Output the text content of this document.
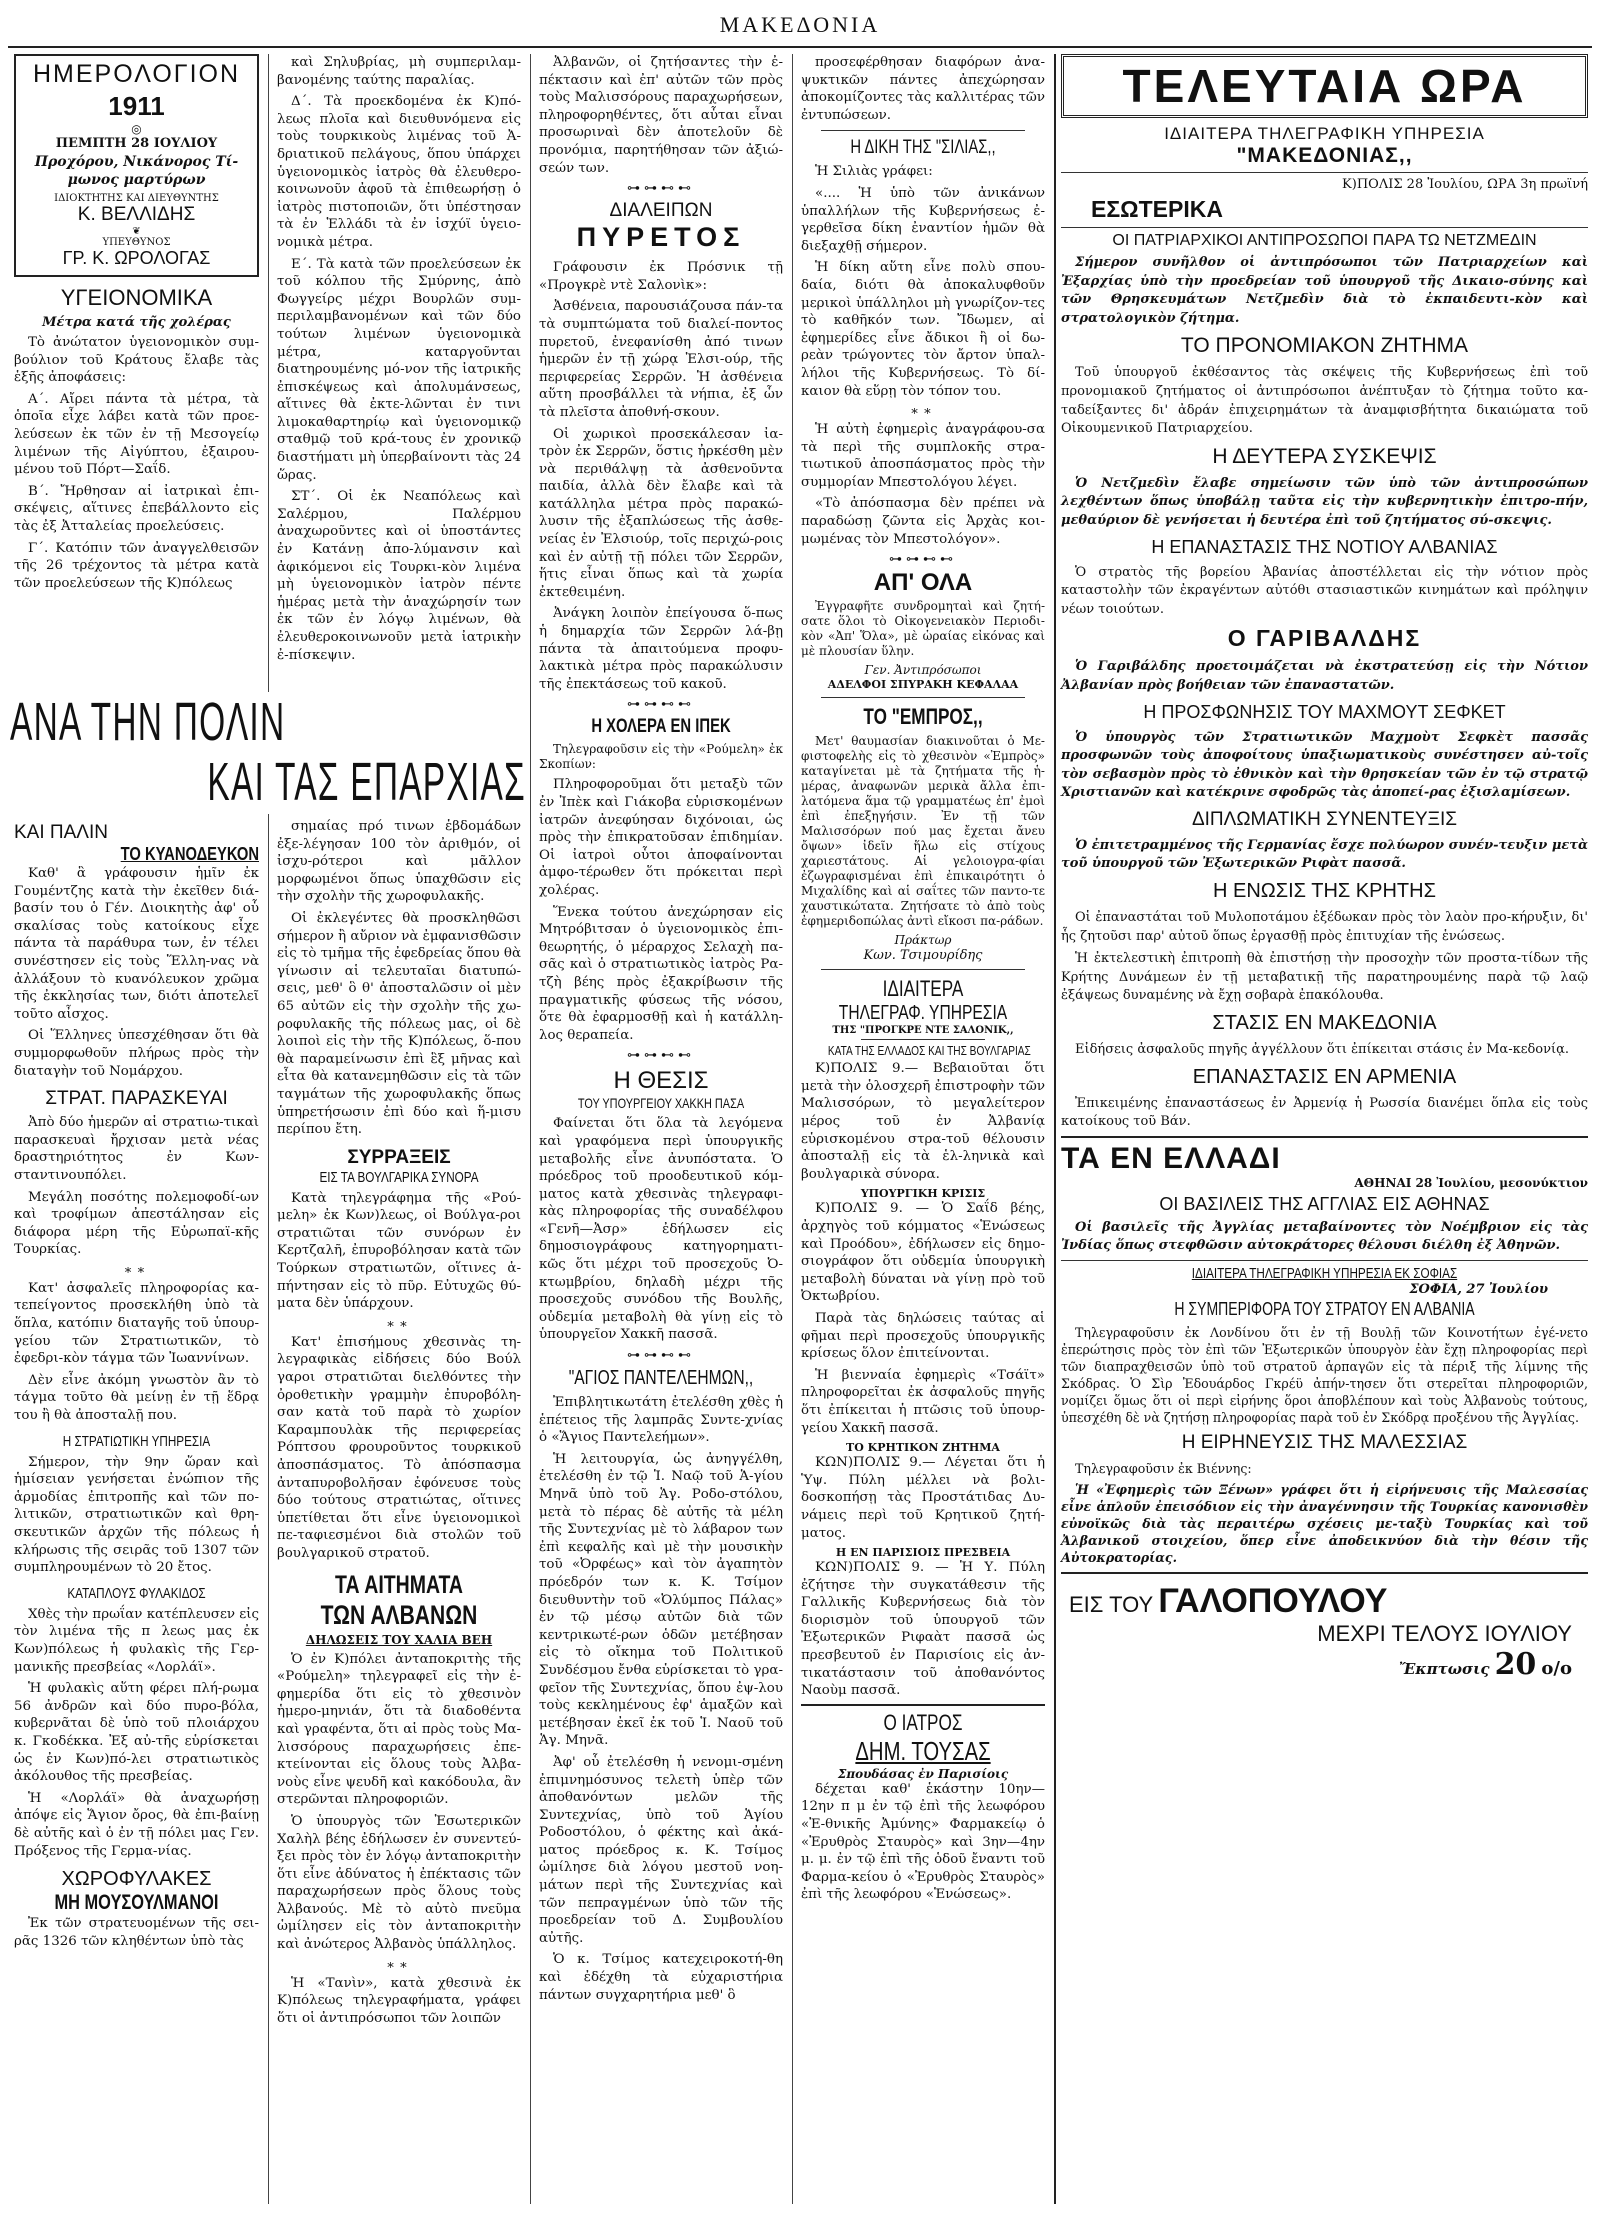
ΜΑΚΕΔΟΝΙΑ
ΗΜΕΡΟΛΟΓΙΟΝ
1911
◎
ΠΕΜΠΤΗ 28 ΙΟΥΛΙΟΥ
Προχόρου, Νικάνορος Τί-μωνος μαρτύρων
ΙΔΙΟΚΤΗΤΗΣ ΚΑΙ ΔΙΕΥΘΥΝΤΗΣ
Κ. ΒΕΛΛΙΔΗΣ
❦
ΥΠΕΥΘΥΝΟΣ
ΓΡ. Κ. ΩΡΟΛΟΓΑΣ
ΥΓΕΙΟΝΟΜΙΚΑ
Μέτρα κατά τῆς χολέρας

Τὸ ἀνώτατον ὑγειονομικὸν συμ-βούλιον τοῦ Κράτους ἔλαβε τὰς ἑξῆς ἀποφάσεις:

Α΄. Αἴρει πάντα τὰ μέτρα, τὰ ὁποῖα εἶχε λάβει κατὰ τῶν προε-λεύσεων ἐκ τῶν ἐν τῇ Μεσογείῳ λιμένων τῆς Αἰγύπτου, ἐξαιρου-μένου τοῦ Πόρτ—Σαΐδ.

Β΄. Ἤρθησαν αἱ ἰατρικαὶ ἐπι-σκέψεις, αἵτινες ἐπεβάλλοντο εἰς τὰς ἐξ Ἀτταλείας προελεύσεις.

Γ΄. Κατόπιν τῶν ἀναγγελθεισῶν τῆς 26 τρέχοντος τὰ μέτρα κατὰ τῶν προελεύσεων τῆς Κ)πόλεως

ΑΝΑ ΤΗΝ ΠΟΛΙΝ
ΚΑΙ ΤΑΣ ΕΠΑΡΧΙΑΣ
ΚΑΙ ΠΑΛΙΝ
ΤΟ ΚΥΑΝΟΔΕΥΚΟΝ

Καθ' ἃ γράφουσιν ἡμῖν ἐκ Γουμέντζης κατὰ τὴν ἐκεῖθεν διά-βασίν του ὁ Γέν. Διοικητὴς ἀφ' οὗ σκαλίσας τοὺς κατοίκους εἶχε πάντα τὰ παράθυρα των, ἐν τέλει συνέστησεν εἰς τοὺς Ἕλλη-νας νὰ ἀλλάξουν τὸ κυανόλευκον χρῶμα τῆς ἐκκλησίας των, διότι ἀποτελεῖ τοῦτο αἶσχος.

Οἱ Ἕλληνες ὑπεσχέθησαν ὅτι θὰ συμμορφωθοῦν πλήρως πρὸς τὴν διαταγὴν τοῦ Νομάρχου.

ΣΤΡΑΤ. ΠΑΡΑΣΚΕΥΑΙ

Ἀπὸ δύο ἡμερῶν αἱ στρατιω-τικαὶ παρασκευαὶ ἤρχισαν μετὰ νέας δραστηριότητος ἐν Κων-σταντινουπόλει.

Μεγάλη ποσότης πολεμοφοδί-ων καὶ τροφίμων ἀπεστάλησαν εἰς διάφορα μέρη τῆς Εὐρωπαϊ-κῆς Τουρκίας.

∗∗

Κατ' ἀσφαλεῖς πληροφορίας κα-τεπείγοντος προσεκλήθη ὑπὸ τὰ ὅπλα, κατόπιν διαταγῆς τοῦ ὑπουρ-γείου τῶν Στρατιωτικῶν, τὸ ἐφεδρι-κὸν τάγμα τῶν Ἰωαννίνων.

Δὲν εἶνε ἀκόμη γνωστὸν ἂν τὸ τάγμα τοῦτο θὰ μείνῃ ἐν τῇ ἕδρᾳ του ἢ θὰ ἀποσταλῇ που.

Η ΣΤΡΑΤΙΩΤΙΚΗ ΥΠΗΡΕΣΙΑ

Σήμερον, τὴν 9ην ὥραν καὶ ἡμίσειαν γενήσεται ἐνώπιον τῆς ἁρμοδίας ἐπιτροπῆς καὶ τῶν πο-λιτικῶν, στρατιωτικῶν καὶ θρη-σκευτικῶν ἀρχῶν τῆς πόλεως ἡ κλήρωσις τῆς σειρᾶς τοῦ 1307 τῶν συμπληρουμένων τὸ 20 ἔτος.

ΚΑΤΑΠΛΟΥΣ ΦΥΛΑΚΙΔΟΣ

Χθὲς τὴν πρωΐαν κατέπλευσεν εἰς τὸν λιμένα τῆς π λεως μας ἐκ Κων)πόλεως ἡ φυλακὶς τῆς Γερ-μανικῆς πρεσβείας «Λορλάϊ».

Ἡ φυλακὶς αὕτη φέρει πλή-ρωμα 56 ἀνδρῶν καὶ δύο πυρο-βόλα, κυβερνᾶται δὲ ὑπὸ τοῦ πλοιάρχου κ. Γκοδέκκα. Ἐξ αὐ-τῆς εὑρίσκεται ὡς ἐν Κων)πό-λει στρατιωτικὸς ἀκόλουθος τῆς πρεσβείας.

Ἡ «Λορλάϊ» θὰ ἀναχωρήσῃ ἀπόψε εἰς Ἅγιον ὄρος, θὰ ἐπι-βαίνῃ δὲ αὐτῆς καὶ ὁ ἐν τῇ πόλει μας Γεν. Πρόξενος τῆς Γερμα-νίας.

ΧΩΡΟΦΥΛΑΚΕΣ
ΜΗ ΜΟΥΣΟΥΛΜΑΝΟΙ

Ἐκ τῶν στρατευομένων τῆς σει-ρᾶς 1326 τῶν κληθέντων ὑπὸ τὰς

καὶ Σηλυβρίας, μὴ συμπεριλαμ-βανομένης ταύτης παραλίας.

Δ΄. Τὰ προεκδομένα ἐκ Κ)πό-λεως πλοῖα καὶ διευθυνόμενα εἰς τοὺς τουρκικοὺς λιμένας τοῦ Ἀ-δριατικοῦ πελάγους, ὅπου ὑπάρχει ὑγειονομικὸς ἰατρὸς θὰ ἐλευθερο-κοινωνοῦν ἀφοῦ τὰ ἐπιθεωρήσῃ ὁ ἰατρὸς πιστοποιῶν, ὅτι ὑπέστησαν τὰ ἐν Ἑλλάδι τὰ ἐν ἰσχύϊ ὑγειο-νομικὰ μέτρα.

Ε΄. Τὰ κατὰ τῶν προελεύσεων ἐκ τοῦ κόλπου τῆς Σμύρνης, ἀπὸ Φωγγείρς μέχρι Βουρλῶν συμ-περιλαμβανομένων καὶ τῶν δύο τούτων λιμένων ὑγειονομικὰ μέτρα, καταργοῦνται διατηρουμένης μό-νον τῆς ἰατρικῆς ἐπισκέψεως καὶ ἀπολυμάνσεως, αἵτινες θὰ ἐκτε-λῶνται ἐν τινι λιμοκαθαρτηρίῳ καὶ ὑγειονομικῷ σταθμῷ τοῦ κρά-τους ἐν χρονικῷ διαστήματι μὴ ὑπερβαίνοντι τὰς 24 ὥρας.

ΣΤ΄. Οἱ ἐκ Νεαπόλεως καὶ Σαλέρμου, Παλέρμου ἀναχωροῦντες καὶ οἱ ὑποστάντες ἐν Κατάνῃ ἀπο-λύμανσιν καὶ ἀφικόμενοι εἰς Τουρκι-κὸν λιμένα μὴ ὑγειονομικὸν ἰατρὸν πέντε ἡμέρας μετὰ τὴν ἀναχώρησίν των ἐκ τῶν ἐν λόγῳ λιμένων, θὰ ἐλευθεροκοινωνοῦν μετὰ ἰατρικὴν ἐ-πίσκεψιν.

σημαίας πρό τινων ἑβδομάδων ἐξε-λέγησαν 100 τὸν ἀριθμόν, οἱ ἰσχυ-ρότεροι καὶ μᾶλλον μορφωμένοι ὅπως ὑπαχθῶσιν εἰς τὴν σχολὴν τῆς χωροφυλακῆς.

Οἱ ἐκλεγέντες θὰ προσκληθῶσι σήμερον ἢ αὔριον νὰ ἐμφανισθῶσιν εἰς τὸ τμῆμα τῆς ἐφεδρείας ὅπου θὰ γίνωσιν αἱ τελευταῖαι διατυπώ-σεις, μεθ' ὃ θ' ἀποσταλῶσιν οἱ μὲν 65 αὐτῶν εἰς τὴν σχολὴν τῆς χω-ροφυλακῆς τῆς πόλεως μας, οἱ δὲ λοιποὶ εἰς τὴν τῆς Κ)πόλεως, ὅ-που θὰ παραμείνωσιν ἐπὶ ἓξ μῆνας καὶ εἶτα θὰ κατανεμηθῶσιν εἰς τὰ τῶν ταγμάτων τῆς χωροφυλακῆς ὅπως ὑπηρετήσωσιν ἐπὶ δύο καὶ ἥ-μισυ περίπου ἔτη.

ΣΥΡΡΑΞΕΙΣ
ΕΙΣ ΤΑ ΒΟΥΛΓΑΡΙΚΑ ΣΥΝΟΡΑ

Κατὰ τηλεγράφημα τῆς «Ρού-μελη» ἐκ Κων)λεως, οἱ Βούλγα-ροι στρατιῶται τῶν συνόρων ἐν Κερτζαλῆ, ἐπυροβόλησαν κατὰ τῶν Τούρκων στρατιωτῶν, οἵτινες ἀ-πήντησαν εἰς τὸ πῦρ. Εὐτυχῶς θύ-ματα δὲν ὑπάρχουν.

∗∗

Κατ' ἐπισήμους χθεσινὰς τη-λεγραφικὰς εἰδήσεις δύο Βούλ γαροι στρατιῶται διελθόντες τὴν ὀροθετικὴν γραμμὴν ἐπυροβόλη-σαν κατὰ τοῦ παρὰ τὸ χωρίον Καραμπουλὰκ τῆς περιφερείας Ρόπτσου φρουροῦντος τουρκικοῦ ἀποσπάσματος. Τὸ ἀπόσπασμα ἀνταπυροβολῆσαν ἐφόνευσε τοὺς δύο τούτους στρατιώτας, οἵτινες ὑπετίθεται ὅτι εἶνε ὑγειονομικοὶ πε-ταφιεσμένοι διὰ στολῶν τοῦ βουλγαρικοῦ στρατοῦ.

ΤΑ ΑΙΤΗΜΑΤΑ
ΤΩΝ ΑΛΒΑΝΩΝ
ΔΗΛΩΣΕΙΣ ΤΟΥ ΧΑΛΙΑ ΒΕΗ

Ὁ ἐν Κ)πόλει ἀνταποκριτὴς τῆς «Ρούμελη» τηλεγραφεῖ εἰς τὴν ἐ-φημερίδα ὅτι εἰς τὸ χθεσινὸν ἡμερο-μηνιάν, ὅτι τὰ διαδοθέντα καὶ γραφέντα, ὅτι αἱ πρὸς τοὺς Μα-λισσόρους παραχωρήσεις ἐπε-κτείνονται εἰς ὅλους τοὺς Ἀλβα-νοὺς εἶνε ψευδῆ καὶ κακόδουλα, ἂν στερῶνται πληροφοριῶν.

Ὁ ὑπουργὸς τῶν Ἐσωτερικῶν Χαλὴλ βέης ἐδήλωσεν ἐν συνεντεύ-ξει πρὸς τὸν ἐν λόγῳ ἀνταποκριτὴν ὅτι εἶνε ἀδύνατος ἡ ἐπέκτασις τῶν παραχωρήσεων πρὸς ὅλους τοὺς Ἀλβανούς. Μὲ τὸ αὐτὸ πνεῦμα ὡμίλησεν εἰς τὸν ἀνταποκριτὴν καὶ ἀνώτερος Ἀλβανὸς ὑπάλληλος.

∗∗

Ἡ «Τανὶν», κατὰ χθεσινὰ ἐκ Κ)πόλεως τηλεγραφήματα, γράφει ὅτι οἱ ἀντιπρόσωποι τῶν λοιπῶν

Ἀλβανῶν, οἱ ζητήσαντες τὴν ἐ-πέκτασιν καὶ ἐπ' αὐτῶν τῶν πρὸς τοὺς Μαλισσόρους παραχωρήσεων, πληροφορηθέντες, ὅτι αὗται εἶναι προσωριναὶ δὲν ἀποτελοῦν δὲ προνόμια, παρητήθησαν τῶν ἀξιώ-σεών των.

⊶⊶⊷⊷
ΔΙΑΛΕΙΠΩΝ
ΠΥΡΕΤΟΣ

Γράφουσιν ἐκ Πρόσνικ τῇ «Προγκρὲ ντὲ Σαλονὶκ»:

Ἀσθένεια, παρουσιάζουσα πάν-τα τὰ συμπτώματα τοῦ διαλεί-ποντος πυρετοῦ, ἐνεφανίσθη ἀπό τινων ἡμερῶν ἐν τῇ χώρᾳ Ἐλσι-ούρ, τῆς περιφερείας Σερρῶν. Ἡ ἀσθένεια αὕτη προσβάλλει τὰ νήπια, ἐξ ὧν τὰ πλεῖστα ἀποθνή-σκουν.

Οἱ χωρικοὶ προσεκάλεσαν ἰα-τρὸν ἐκ Σερρῶν, ὅστις ἠρκέσθη μὲν νὰ περιθάλψῃ τὰ ἀσθενοῦντα παιδία, ἀλλὰ δὲν ἔλαβε καὶ τὰ κατάλληλα μέτρα πρὸς παρακώ-λυσιν τῆς ἐξαπλώσεως τῆς ἀσθε-νείας ἐν Ἐλσιούρ, τοῖς περιχώ-ροις καὶ ἐν αὐτῇ τῇ πόλει τῶν Σερρῶν, ἥτις εἶναι ὅπως καὶ τὰ χωρία ἐκτεθειμένη.

Ἀνάγκη λοιπὸν ἐπείγουσα ὅ-πως ἡ δημαρχία τῶν Σερρῶν λά-βῃ πάντα τὰ ἀπαιτούμενα προφυ-λακτικὰ μέτρα πρὸς παρακώλυσιν τῆς ἐπεκτάσεως τοῦ κακοῦ.

⊶⊶⊷⊷
Η ΧΟΛΕΡΑ ΕΝ ΙΠΕΚ

Τηλεγραφοῦσιν εἰς τὴν «Ρούμελη» ἐκ Σκοπίων:

Πληροφοροῦμαι ὅτι μεταξὺ τῶν ἐν Ἰπὲκ καὶ Γιάκοβα εὑρισκομένων ἰατρῶν ἀνεφύησαν διχόνοιαι, ὡς πρὸς τὴν ἐπικρατοῦσαν ἐπιδημίαν. Οἱ ἰατροὶ οὗτοι ἀποφαίνονται ἀμφο-τέρωθεν ὅτι πρόκειται περὶ χολέρας.

Ἕνεκα τούτου ἀνεχώρησαν εἰς Μητρόβιτσαν ὁ ὑγειονομικὸς ἐπι-θεωρητής, ὁ μέραρχος Σελαχὴ πα-σᾶς καὶ ὁ στρατιωτικὸς ἰατρὸς Ρα-τζὴ βέης πρὸς ἐξακρίβωσιν τῆς πραγματικῆς φύσεως τῆς νόσου, ὅτε θὰ ἐφαρμοσθῇ καὶ ἡ κατάλλη-λος θεραπεία.

⊶⊶⊷⊷
Η ΘΕΣΙΣ
ΤΟΥ ΥΠΟΥΡΓΕΙΟΥ ΧΑΚΚΗ ΠΑΣΑ

Φαίνεται ὅτι ὅλα τὰ λεγόμενα καὶ γραφόμενα περὶ ὑπουργικῆς μεταβολῆς εἶνε ἀνυπόστατα. Ὁ πρόεδρος τοῦ προοδευτικοῦ κόμ-ματος κατὰ χθεσινὰς τηλεγραφι-κὰς πληροφορίας τῆς συναδέλφου «Γενῆ—Ἀσρ» ἐδήλωσεν εἰς δημοσιογράφους κατηγορηματι-κῶς ὅτι μέχρι τοῦ προσεχοῦς Ὀ-κτωμβρίου, δηλαδὴ μέχρι τῆς προσεχοῦς συνόδου τῆς Βουλῆς, οὐδεμία μεταβολὴ θὰ γίνῃ εἰς τὸ ὑπουργεῖον Χακκῆ πασσᾶ.

⊶⊶⊷⊷
"ΑΓΙΟΣ ΠΑΝΤΕΛΕΗΜΩΝ,,

Ἐπιβλητικωτάτη ἐτελέσθη χθὲς ἡ ἑπέτειος τῆς λαμπρᾶς Συντε-χνίας ὁ «Ἅγιος Παντελεήμων».

Ἡ λειτουργία, ὡς ἀνηγγέλθη, ἐτελέσθη ἐν τῷ Ἱ. Ναῷ τοῦ Ἁ-γίου Μηνᾶ ὑπὸ τοῦ Ἁγ. Ροδο-στόλου, μετὰ τὸ πέρας δὲ αὐτῆς τὰ μέλη τῆς Συντεχνίας μὲ τὸ λάβαρον των ἐπὶ κεφαλῆς καὶ μὲ τὴν μουσικὴν τοῦ «Ὀρφέως» καὶ τὸν ἀγαπητὸν πρόεδρόν των κ. Κ. Τσίμον διευθυντὴν τοῦ «Ὀλύμπος Πάλας» ἐν τῷ μέσῳ αὐτῶν διὰ τῶν κεντρικωτέ-ρων ὁδῶν μετέβησαν εἰς τὸ οἴκημα τοῦ Πολιτικοῦ Συνδέσμου ἔνθα εὑρίσκεται τὸ γρα-φεῖον τῆς Συντεχνίας, ὅπου ἐψ-λου τοὺς κεκλημένους ἐφ' ἁμαξῶν καὶ μετέβησαν ἐκεῖ ἐκ τοῦ Ἱ. Ναοῦ τοῦ Ἁγ. Μηνᾶ.

Ἀφ' οὗ ἐτελέσθη ἡ νενομι-σμένη ἐπιμνημόσυνος τελετὴ ὑπὲρ τῶν ἀποθανόντων μελῶν τῆς Συντεχνίας, ὑπὸ τοῦ Ἁγίου Ροδοστόλου, ὁ φέκτης καὶ ἀκά-ματος πρόεδρος κ. Κ. Τσίμος ὡμίλησε διὰ λόγου μεστοῦ νοη-μάτων περὶ τῆς Συντεχνίας καὶ τῶν πεπραγμένων ὑπὸ τῶν τῆς προεδρείαν τοῦ Δ. Συμβουλίου αὐτῆς.

Ὁ κ. Τσίμος κατεχειροκοτή-θη καὶ ἐδέχθη τὰ εὐχαριστήρια πάντων συγχαρητήρια μεθ' ὃ

προσεφέρθησαν διαφόρων ἀνα-ψυκτικῶν πάντες ἀπεχώρησαν ἀποκομίζοντες τὰς καλλιτέρας τῶν ἐντυπώσεων.

Η ΔΙΚΗ ΤΗΣ "ΣΙΛΙΑΣ,,

Ἡ Σιλιὰς γράφει:

«.... Ἡ ὑπὸ τῶν ἀνικάνων ὑπαλλήλων τῆς Κυβερνήσεως ἐ-γερθεῖσα δίκη ἐναντίον ἡμῶν θὰ διεξαχθῇ σήμερον.

Ἡ δίκη αὕτη εἶνε πολὺ σπου-δαία, διότι θὰ ἀποκαλυφθοῦν μερικοὶ ὑπάλληλοι μὴ γνωρίζον-τες τὸ καθῆκόν των. Ἴδωμεν, αἱ ἐφημερίδες εἶνε ἄδικοι ἢ οἱ δω-ρεὰν τρώγοντες τὸν ἄρτον ὑπαλ-λήλοι τῆς Κυβερνήσεως. Τὸ δί-καιον θὰ εὕρῃ τὸν τόπον του.

∗∗

Ἡ αὐτὴ ἐφημερὶς ἀναγράφου-σα τὰ περὶ τῆς συμπλοκῆς στρα-τιωτικοῦ ἀποσπάσματος πρὸς τὴν συμμορίαν Μπεστολόγου λέγει.

«Τὸ ἀπόσπασμα δὲν πρέπει νὰ παραδώσῃ ζῶντα εἰς Ἀρχὰς κοι-μωμένας τὸν Μπεστολόγον».

⊶⊶⊷⊷
ΑΠ' ΟΛΑ

Ἐγγραφῆτε συνδρομηταὶ καὶ ζητή-σατε ὅλοι τὸ Οἰκογενειακὸν Περιοδι-κὸν «Ἀπ' Ὅλα», μὲ ὡραίας εἰκόνας καὶ μὲ πλουσίαν ὕλην.

Γεν. Ἀντιπρόσωποι
ΑΔΕΛΦΟΙ ΣΠΥΡΑΚΗ ΚΕΦΑΛΑΑ
ΤΟ "ΕΜΠΡΟΣ,,

Μετ' θαυμασίαν διακινοῦται ὁ Με-φιστοφελὴς εἰς τὸ χθεσινὸν «Ἐμπρὸς» καταγίνεται μὲ τὰ ζητήματα τῆς ἡ-μέρας, ἀναφωνῶν μερικὰ ἄλλα ἐπι-λατόμενα ἅμα τῷ γραμματέως ἐπ' ἐμοὶ ἐπὶ ἐπεξηγήσιν. Ἐν τῇ τῶν Μαλισσόρων πού μας ἔχεται ἄνευ ὄψων» ἰδεῖν ἥλω εἰς στίχους χαριεστάτους. Αἱ γελοιογρα-φίαι ἐζωγραφισμέναι ἐπὶ ἐπικαιρότητι ὁ Μιχαλίδης καὶ αἱ σαΐτες τῶν παντο-τε χαυστικώτατα. Ζητήσατε τὸ ἀπὸ τοὺς ἐφημεριδοπώλας ἀντὶ εἴκοσι πα-ράδων.

Πράκτωρ
Κων. Τσιμουρίδης
ΙΔΙΑΙΤΕΡΑ
ΤΗΛΕΓΡΑΦ. ΥΠΗΡΕΣΙΑ
ΤΗΣ "ΠΡΟΓΚΡΕ ΝΤΕ ΣΑΛΟΝΙΚ,,
ΚΑΤΑ ΤΗΣ ΕΛΛΑΔΟΣ ΚΑΙ ΤΗΣ ΒΟΥΛΓΑΡΙΑΣ

Κ)ΠΟΛΙΣ 9.— Βεβαιοῦται ὅτι μετὰ τὴν ὁλοσχερῆ ἐπιστροφὴν τῶν Μαλισσόρων, τὸ μεγαλείτερον μέρος τοῦ ἐν Ἀλβανίᾳ εὑρισκομένου στρα-τοῦ θέλουσιν ἀποσταλῇ εἰς τὰ ἑλ-ληνικὰ καὶ βουλγαρικὰ σύνορα.

ΥΠΟΥΡΓΙΚΗ ΚΡΙΣΙΣ

Κ)ΠΟΛΙΣ 9. — Ὁ Σαΐδ βέης, ἀρχηγὸς τοῦ κόμματος «Ἑνώσεως καὶ Προόδου», ἐδήλωσεν εἰς δημο-σιογράφον ὅτι οὐδεμία ὑπουργικὴ μεταβολὴ δύναται νὰ γίνῃ πρὸ τοῦ Ὀκτωβρίου.

Παρὰ τὰς δηλώσεις ταύτας αἱ φῆμαι περὶ προσεχοῦς ὑπουργικῆς κρίσεως ὅλον ἐπιτείνονται.

Ἡ βιενναία ἐφημερὶς «Τσάϊτ» πληροφορεῖται ἐκ ἀσφαλοῦς πηγῆς ὅτι ἐπίκειται ἡ πτῶσις τοῦ ὑπουρ-γείου Χακκῆ πασσᾶ.

ΤΟ ΚΡΗΤΙΚΟΝ ΖΗΤΗΜΑ

ΚΩΝ)ΠΟΛΙΣ 9.— Λέγεται ὅτι ἡ Ὑψ. Πύλη μέλλει νὰ βολι-δοσκοπήσῃ τὰς Προστάτιδας Δυ-νάμεις περὶ τοῦ Κρητικοῦ ζητή-ματος.

Η ΕΝ ΠΑΡΙΣΙΟΙΣ ΠΡΕΣΒΕΙΑ

ΚΩΝ)ΠΟΛΙΣ 9. — Ἡ Υ. Πύλη ἐζήτησε τὴν συγκατάθεσιν τῆς Γαλλικῆς Κυβερνήσεως διὰ τὸν διορισμὸν τοῦ ὑπουργοῦ τῶν Ἐξωτερικῶν Ριφαὰτ πασσᾶ ὡς πρεσβευτοῦ ἐν Παρισίοις εἰς ἀν-τικατάστασιν τοῦ ἀποθανόντος Ναοὺμ πασσᾶ.

Ο ΙΑΤΡΟΣ
ΔΗΜ. ΤΟΥΣΑΣ
Σπουδάσας ἐν Παρισίοις

δέχεται καθ' ἑκάστην 10ην—12ην π μ ἐν τῷ ἐπὶ τῆς λεωφόρου «Ἐ-θνικῆς Ἀμύνης» Φαρμακείῳ ὁ «Ἐρυθρὸς Σταυρὸς» καὶ 3ην—4ην μ. μ. ἐν τῷ ἐπὶ τῆς ὁδοῦ ἔναντι τοῦ Φαρμα-κείου ὁ «Ἐρυθρὸς Σταυρὸς» ἐπὶ τῆς λεωφόρου «Ἑνώσεως».

ΤΕΛΕΥΤΑΙΑ ΩΡΑ
ΙΔΙΑΙΤΕΡΑ ΤΗΛΕΓΡΑΦΙΚΗ ΥΠΗΡΕΣΙΑ
"ΜΑΚΕΔΟΝΙΑΣ,,
Κ)ΠΟΛΙΣ 28 Ἰουλίου, ΩΡΑ 3η πρωϊνή
ΕΣΩΤΕΡΙΚΑ
ΟΙ ΠΑΤΡΙΑΡΧΙΚΟΙ ΑΝΤΙΠΡΟΣΩΠΟΙ ΠΑΡΑ ΤΩ ΝΕΤΖΜΕΔΙΝ

Σήμερον συνῆλθον οἱ ἀντιπρόσωποι τῶν Πατριαρχείων καὶ Ἐξαρχίας ὑπὸ τὴν προεδρείαν τοῦ ὑπουργοῦ τῆς Δικαιο-σύνης καὶ τῶν Θρησκευμάτων Νετζμεδὶν διὰ τὸ ἐκπαιδευτι-κὸν καὶ στρατολογικὸν ζήτημα.

ΤΟ ΠΡΟΝΟΜΙΑΚΟΝ ΖΗΤΗΜΑ

Τοῦ ὑπουργοῦ ἐκθέσαντος τὰς σκέψεις τῆς Κυβερνήσεως ἐπὶ τοῦ προνομιακοῦ ζητήματος οἱ ἀντιπρόσωποι ἀνέπτυξαν τὸ ζήτημα τοῦτο κα-ταδείξαντες δι' ἀδράν ἐπιχειρημάτων τὰ ἀναμφισβήτητα δικαιώματα τοῦ Οἰκουμενικοῦ Πατριαρχείου.

Η ΔΕΥΤΕΡΑ ΣΥΣΚΕΨΙΣ

Ὁ Νετζμεδὶν ἔλαβε σημείωσιν τῶν ὑπὸ τῶν ἀντιπροσώπων λεχθέντων ὅπως ὑποβάλῃ ταῦτα εἰς τὴν κυβερνητικὴν ἐπιτρο-πήν, μεθαύριον δὲ γενήσεται ἡ δευτέρα ἐπὶ τοῦ ζητήματος σύ-σκεψις.

Η ΕΠΑΝΑΣΤΑΣΙΣ ΤΗΣ ΝΟΤΙΟΥ ΑΛΒΑΝΙΑΣ

Ὁ στρατὸς τῆς βορείου Ἀβανίας ἀποστέλλεται εἰς τὴν νότιον πρὸς καταστολὴν τῶν ἐκραγέντων αὐτόθι στασιαστικῶν κινημάτων καὶ πρόληψιν νέων τοιούτων.

Ο ΓΑΡΙΒΑΛΔΗΣ

Ὁ Γαριβάλδης προετοιμάζεται νὰ ἐκστρατεύσῃ εἰς τὴν Νότιον Ἀλβανίαν πρὸς βοήθειαν τῶν ἐπαναστατῶν.

Η ΠΡΟΣΦΩΝΗΣΙΣ ΤΟΥ ΜΑΧΜΟΥΤ ΣΕΦΚΕΤ

Ὁ ὑπουργὸς τῶν Στρατιωτικῶν Μαχμοὺτ Σεφκὲτ πασσᾶς προσφωνῶν τοὺς ἀποφοίτους ὑπαξιωματικοὺς συνέστησεν αὐ-τοῖς τὸν σεβασμὸν πρὸς τὸ ἐθνικὸν καὶ τὴν θρησκείαν τῶν ἐν τῷ στρατῷ Χριστιανῶν καὶ κατέκρινε σφοδρῶς τὰς ἀποπεί-ρας ἐξισλαμίσεων.

ΔΙΠΛΩΜΑΤΙΚΗ ΣΥΝΕΝΤΕΥΞΙΣ

Ὁ ἐπιτετραμμένος τῆς Γερμανίας ἔσχε πολύωρον συνέν-τευξιν μετὰ τοῦ ὑπουργοῦ τῶν Ἐξωτερικῶν Ριφὰτ πασσᾶ.

Η ΕΝΩΣΙΣ ΤΗΣ ΚΡΗΤΗΣ

Οἱ ἐπαναστάται τοῦ Μυλοποτάμου ἐξέδωκαν πρὸς τὸν λαὸν προ-κήρυξιν, δι' ἧς ζητοῦσι παρ' αὐτοῦ ὅπως ἐργασθῇ πρὸς ἐπιτυχίαν τῆς ἑνώσεως.

Ἡ ἐκτελεστικὴ ἐπιτροπὴ θὰ ἐπιστήσῃ τὴν προσοχὴν τῶν προστα-τίδων τῆς Κρήτης Δυνάμεων ἐν τῇ μεταβατικῇ τῆς παρατηρουμένης παρὰ τῷ λαῷ ἐξάψεως δυναμένης νὰ ἔχῃ σοβαρὰ ἐπακόλουθα.

ΣΤΑΣΙΣ ΕΝ ΜΑΚΕΔΟΝΙΑ

Εἰδήσεις ἀσφαλοῦς πηγῆς ἀγγέλλουν ὅτι ἐπίκειται στάσις ἐν Μα-κεδονίᾳ.

ΕΠΑΝΑΣΤΑΣΙΣ ΕΝ ΑΡΜΕΝΙΑ

Ἐπικειμένης ἐπαναστάσεως ἐν Ἀρμενίᾳ ἡ Ρωσσία διανέμει ὅπλα εἰς τοὺς κατοίκους τοῦ Βάν.

ΤΑ ΕΝ ΕΛΛΑΔΙ
ΑΘΗΝΑΙ 28 Ἰουλίου, μεσονύκτιον
ΟΙ ΒΑΣΙΛΕΙΣ ΤΗΣ ΑΓΓΛΙΑΣ ΕΙΣ ΑΘΗΝΑΣ

Οἱ βασιλεῖς τῆς Ἀγγλίας μεταβαίνοντες τὸν Νοέμβριον εἰς τὰς Ἰνδίας ὅπως στεφθῶσιν αὐτοκράτορες θέλουσι διέλθη ἐξ Ἀθηνῶν.

ΙΔΙΑΙΤΕΡΑ ΤΗΛΕΓΡΑΦΙΚΗ ΥΠΗΡΕΣΙΑ ΕΚ ΣΟΦΙΑΣ
ΣΟΦΙΑ, 27 Ἰουλίου
Η ΣΥΜΠΕΡΙΦΟΡΑ ΤΟΥ ΣΤΡΑΤΟΥ ΕΝ ΑΛΒΑΝΙΑ

Τηλεγραφοῦσιν ἐκ Λονδίνου ὅτι ἐν τῇ Βουλῇ τῶν Κοινοτήτων ἐγέ-νετο ἐπερώτησις πρὸς τὸν ἐπὶ τῶν Ἐξωτερικῶν ὑπουργὸν ἐὰν ἔχῃ πληροφορίας περὶ τῶν διαπραχθεισῶν ὑπὸ τοῦ στρατοῦ ἁρπαγῶν εἰς τὰ πέριξ τῆς λίμνης τῆς Σκόδρας. Ὁ Σὶρ Ἐδουάρδος Γκρέϋ ἀπήν-τησεν ὅτι στερεῖται πληροφοριῶν, νομίζει ὅμως ὅτι οἱ περὶ εἰρήνης ὅροι ἀποβλέπουν καὶ τοὺς Ἀλβανοὺς τούτους, ὑπεσχέθη δὲ νὰ ζητήσῃ πληροφορίας παρὰ τοῦ ἐν Σκόδρᾳ προξένου τῆς Ἀγγλίας.

Η ΕΙΡΗΝΕΥΣΙΣ ΤΗΣ ΜΑΛΕΣΣΙΑΣ

Τηλεγραφοῦσιν ἐκ Βιέννης:

Ἡ «Ἐφημερὶς τῶν Ξένων» γράφει ὅτι ἡ εἰρήνευσις τῆς Μαλεσσίας εἶνε ἁπλοῦν ἐπεισόδιον εἰς τὴν ἀναγέννησιν τῆς Τουρκίας κανονισθὲν εὐνοϊκῶς διὰ τὰς περαιτέρω σχέσεις με-ταξὺ Τουρκίας καὶ τοῦ Ἀλβανικοῦ στοιχείου, ὅπερ εἶνε ἀποδεικνύον διὰ τὴν θέσιν τῆς Αὐτοκρατορίας.

ΕΙΣ ΤΟΥ ΓΑΛΟΠΟΥΛΟΥ
ΜΕΧΡΙ ΤΕΛΟΥΣ ΙΟΥΛΙΟΥ
Ἔκπτωσις 20 ο/ο
